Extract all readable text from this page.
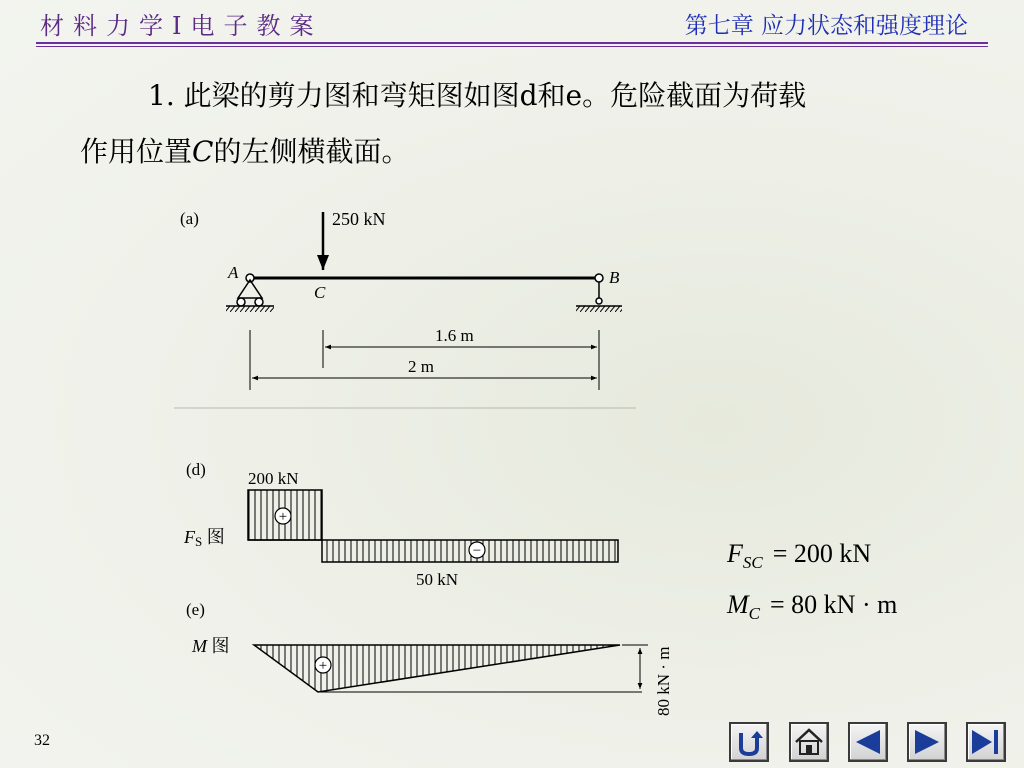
材料力学Ⅰ电子教案	第七章 应力状态和强度理论
1. 此梁的剪力图和弯矩图如图d和e。危险截面为荷载
作用位置C的左侧横截面。
(a)	250 kN
A	B
C
1.6 m
2 m
(d) 200 kN
+
−
50 kN
FS 图
(e)
M 图
+	80 kN · m
$F_{SC} = 200$ kN
$M_C = 80$ kN · m
32
